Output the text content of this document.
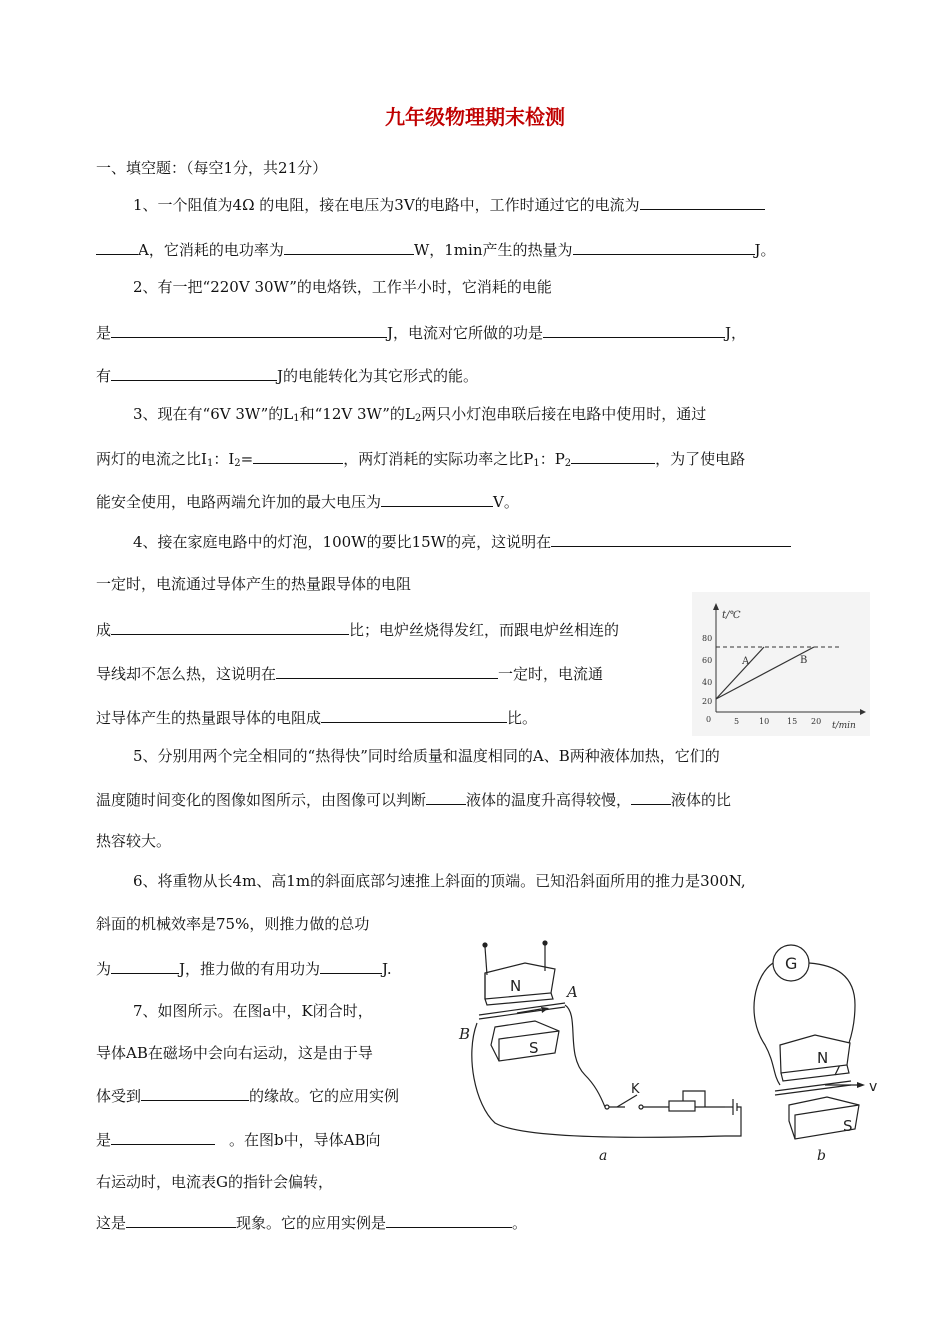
九年级物理期末检测
一、填空题：（每空1分，共21分）
1、一个阻值为4Ω 的电阻，接在电压为3V的电路中，工作时通过它的电流为
A，它消耗的电功率为	W，1min产生的热量为	J。
2、有一把“220V 30W”的电烙铁，工作半小时，它消耗的电能
是	J，电流对它所做的功是	J，
有	J的电能转化为其它形式的能。
3、现在有“6V 3W”的$L_1$和“12V 3W”的$L_2$两只小灯泡串联后接在电路中使用时，通过
两灯的电流之比$I_1$：$I_2=$	，两灯消耗的实际功率之比$P_1$：$P_2$	，为了使电路
能安全使用，电路两端允许加的最大电压为	V。
4、接在家庭电路中的灯泡，100W的要比15W的亮，这说明在
一定时，电流通过导体产生的热量跟导体的电阻
成	比；电炉丝烧得发红，而跟电炉丝相连的
导线却不怎么热，这说明在	一定时，电流通
过导体产生的热量跟导体的电阻成	比。
t/℃
t/min
80
60
40
20
0	5 10 15 20
A	B
5、分别用两个完全相同的“热得快”同时给质量和温度相同的A、B两种液体加热，它们的
温度随时间变化的图像如图所示，由图像可以判断	液体的温度升高得较慢，	液体的比
热容较大。
6、将重物从长4m、高1m的斜面底部匀速推上斜面的顶端。已知沿斜面所用的推力是300N,
斜面的机械效率是75%，则推力做的总功
为	J，推力做的有用功为	J.
7、如图所示。在图a中，K闭合时，
导体AB在磁场中会向右运动，这是由于导
体受到	的缘故。它的应用实例
是	。在图b中，导体AB向
右运动时，电流表G的指针会偏转，
这是	现象。它的应用实例是	。
N
S
A
B
K
a
G
N
S
v
b
